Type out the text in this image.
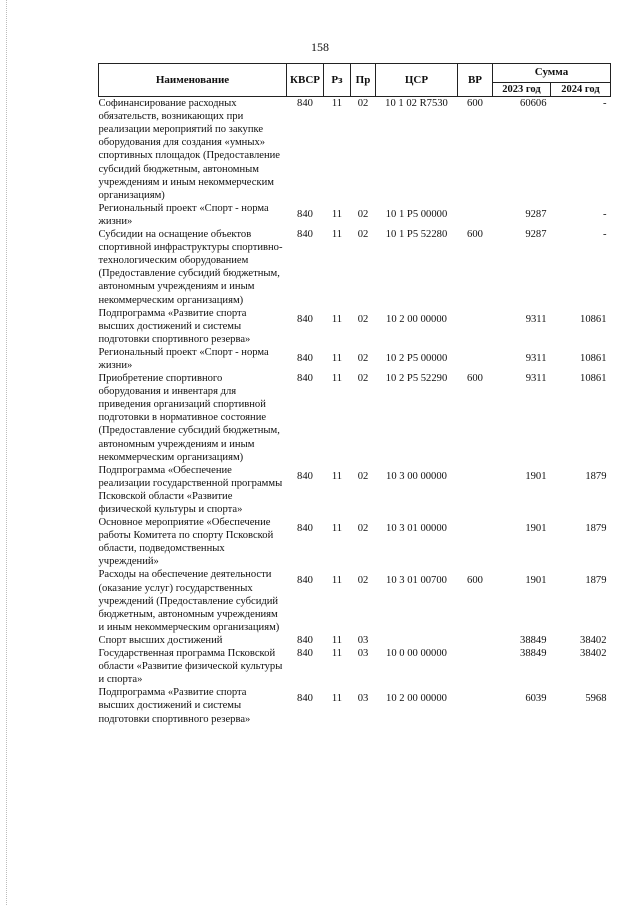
158
Наименование	КВСР	Рз	Пр	ЦСР	ВР	Сумма	
						2023 год	2024 год
Софинансирование расходных обязательств, возникающих при реализации мероприятий по закупке оборудования для создания «умных» спортивных площадок (Предоставление субсидий бюджетным, автономным учреждениям и иным некоммерческим организациям)	840	11	02	10 1 02 R7530	600	60606	-
Региональный проект «Спорт - норма жизни»	840	11	02	10 1 P5 00000		9287	-
Субсидии на оснащение объектов спортивной инфраструктуры спортивно-технологическим оборудованием (Предоставление субсидий бюджетным, автономным учреждениям и иным некоммерческим организациям)	840	11	02	10 1 P5 52280	600	9287	-
Подпрограмма «Развитие спорта высших достижений и системы подготовки спортивного резерва»	840	11	02	10 2 00 00000		9311	10861
Региональный проект «Спорт - норма жизни»	840	11	02	10 2 P5 00000		9311	10861
Приобретение спортивного оборудования и инвентаря для приведения организаций спортивной подготовки в нормативное состояние (Предоставление субсидий бюджетным, автономным учреждениям и иным некоммерческим организациям)	840	11	02	10 2 P5 52290	600	9311	10861
Подпрограмма «Обеспечение реализации государственной программы Псковской области «Развитие физической культуры и спорта»	840	11	02	10 3 00 00000		1901	1879
Основное мероприятие «Обеспечение работы Комитета по спорту Псковской области, подведомственных учреждений»	840	11	02	10 3 01 00000		1901	1879
Расходы на обеспечение деятельности (оказание услуг) государственных учреждений (Предоставление субсидий бюджетным, автономным учреждениям и иным некоммерческим организациям)	840	11	02	10 3 01 00700	600	1901	1879
Спорт высших достижений	840	11	03			38849	38402
Государственная программа Псковской области «Развитие физической культуры и спорта»	840	11	03	10 0 00 00000		38849	38402
Подпрограмма «Развитие спорта высших достижений и системы подготовки спортивного резерва»	840	11	03	10 2 00 00000		6039	5968
